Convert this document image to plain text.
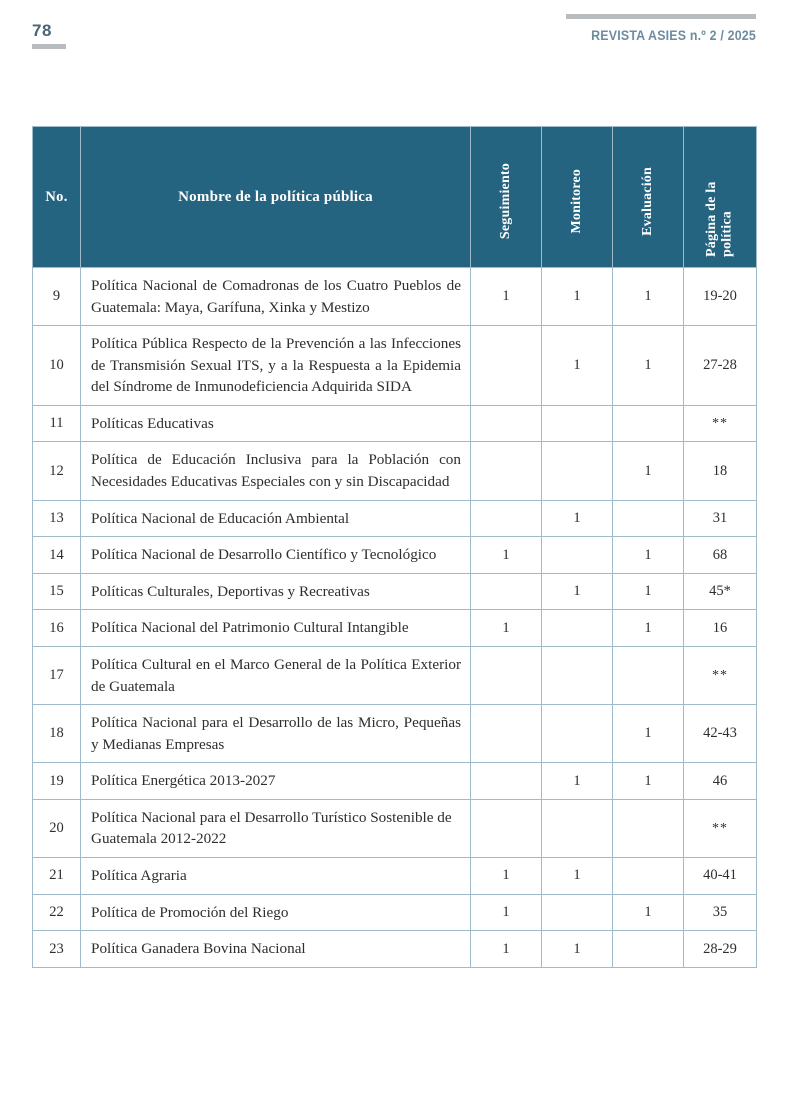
78	REVISTA ASIES n.º 2 / 2025
No.	Nombre de la política pública	Seguimiento	Monitoreo	Evaluación	Página de la política

9	Política Nacional de Comadronas de los Cuatro Pueblos de Guatemala: Maya, Garífuna, Xinka y Mestizo	1	1	1	19-20
10	Política Pública Respecto de la Prevención a las Infecciones de Transmisión Sexual ITS, y a la Respuesta a la Epidemia del Síndrome de Inmunodeficiencia Adquirida SIDA		1	1	27-28
11	Políticas Educativas				**
12	Política de Educación Inclusiva para la Población con Necesidades Educativas Especiales con y sin Discapacidad			1	18
13	Política Nacional de Educación Ambiental		1		31
14	Política Nacional de Desarrollo Científico y Tecnológico	1		1	68
15	Políticas Culturales, Deportivas y Recreativas		1	1	45*
16	Política Nacional del Patrimonio Cultural Intangible	1		1	16
17	Política Cultural en el Marco General de la Política Exterior de Guatemala				**
18	Política Nacional para el Desarrollo de las Micro, Pequeñas y Medianas Empresas			1	42-43
19	Política Energética 2013-2027		1	1	46
20	Política Nacional para el Desarrollo Turístico Sostenible de Guatemala 2012-2022				**
21	Política Agraria	1	1		40-41
22	Política de Promoción del Riego	1		1	35
23	Política Ganadera Bovina Nacional	1	1		28-29
